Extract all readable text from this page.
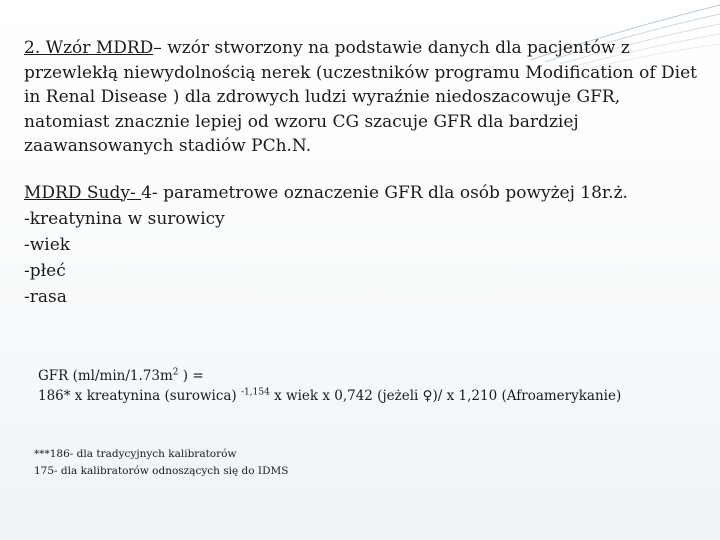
2. Wzór MDRD– wzór stworzony na podstawie danych dla pacjentów z przewlekłą niewydolnością nerek (uczestników programu Modification of Diet in Renal Disease ) dla zdrowych ludzi wyraźnie niedoszacowuje GFR, natomiast znacznie lepiej od wzoru CG szacuje GFR dla bardziej zaawansowanych stadiów PCh.N.

MDRD Sudy- 4- parametrowe oznaczenie GFR dla osób powyżej 18r.ż.
-kreatynina w surowicy
-wiek
-płeć
-rasa
GFR ($ml/\min/1.73m^2$ ) =
186* x kreatynina (surowica) $^{-1,154}$ x wiek x 0,742 (jeżeli ♀)/ x 1,210 (Afroamerykanie)
***186- dla tradycyjnych kalibratorów
175- dla kalibratorów odnoszących się do IDMS
